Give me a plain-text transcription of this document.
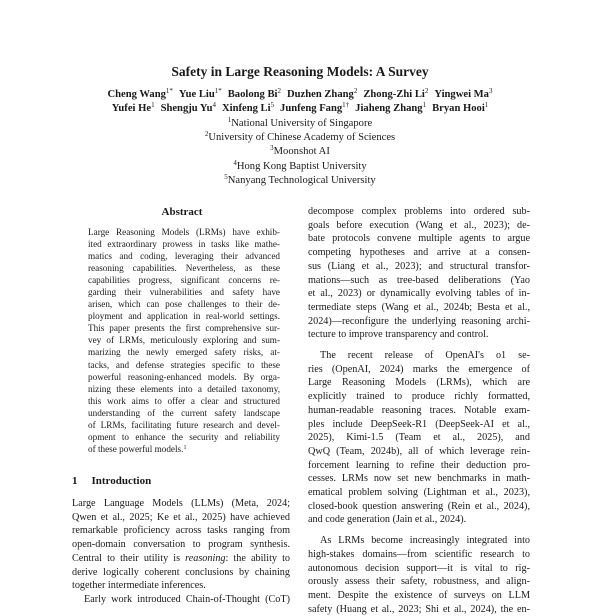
Safety in Large Reasoning Models: A Survey
Cheng Wang$^{1*}$ Yue Liu$^{1*}$ Baolong Bi$^2$ Duzhen Zhang$^2$ Zhong-Zhi Li$^2$ Yingwei Ma$^3$
Yufei He$^1$ Shengju Yu$^4$ Xinfeng Li$^5$ Junfeng Fang$^{1\dagger}$ Jiaheng Zhang$^1$ Bryan Hooi$^1$
$^1$National University of Singapore
$^2$University of Chinese Academy of Sciences
$^3$Moonshot AI
$^4$Hong Kong Baptist University
$^5$Nanyang Technological University
Abstract
Large Reasoning Models (LRMs) have exhib-
ited extraordinary prowess in tasks like mathe-
matics and coding, leveraging their advanced
reasoning capabilities. Nevertheless, as these
capabilities progress, significant concerns re-
garding their vulnerabilities and safety have
arisen, which can pose challenges to their de-
ployment and application in real-world settings.
This paper presents the first comprehensive sur-
vey of LRMs, meticulously exploring and sum-
marizing the newly emerged safety risks, at-
tacks, and defense strategies specific to these
powerful reasoning-enhanced models. By orga-
nizing these elements into a detailed taxonomy,
this work aims to offer a clear and structured
understanding of the current safety landscape
of LRMs, facilitating future research and devel-
opment to enhance the security and reliability
of these powerful models.$^1$
1 Introduction
Large Language Models (LLMs) (Meta, 2024;
Qwen et al., 2025; Ke et al., 2025) have achieved
remarkable proficiency across tasks ranging from
open-domain conversation to program synthesis.
Central to their utility is reasoning: the ability to
derive logically coherent conclusions by chaining
together intermediate inferences.
Early work introduced Chain-of-Thought (CoT)
decompose complex problems into ordered sub-
goals before execution (Wang et al., 2023); de-
bate protocols convene multiple agents to argue
competing hypotheses and arrive at a consen-
sus (Liang et al., 2023); and structural transfor-
mations—such as tree-based deliberations (Yao
et al., 2023) or dynamically evolving tables of in-
termediate steps (Wang et al., 2024b; Besta et al.,
2024)—reconfigure the underlying reasoning archi-
tecture to improve transparency and control.
The recent release of OpenAI's o1 se-
ries (OpenAI, 2024) marks the emergence of
Large Reasoning Models (LRMs), which are
explicitly trained to produce richly formatted,
human-readable reasoning traces. Notable exam-
ples include DeepSeek-R1 (DeepSeek-AI et al.,
2025), Kimi-1.5 (Team et al., 2025), and
QwQ (Team, 2024b), all of which leverage rein-
forcement learning to refine their deduction pro-
cesses. LRMs now set new benchmarks in math-
ematical problem solving (Lightman et al., 2023),
closed-book question answering (Rein et al., 2024),
and code generation (Jain et al., 2024).
As LRMs become increasingly integrated into
high-stakes domains—from scientific research to
autonomous decision support—it is vital to rig-
orously assess their safety, robustness, and align-
ment. Despite the existence of surveys on LLM
safety (Huang et al., 2023; Shi et al., 2024), the en-
